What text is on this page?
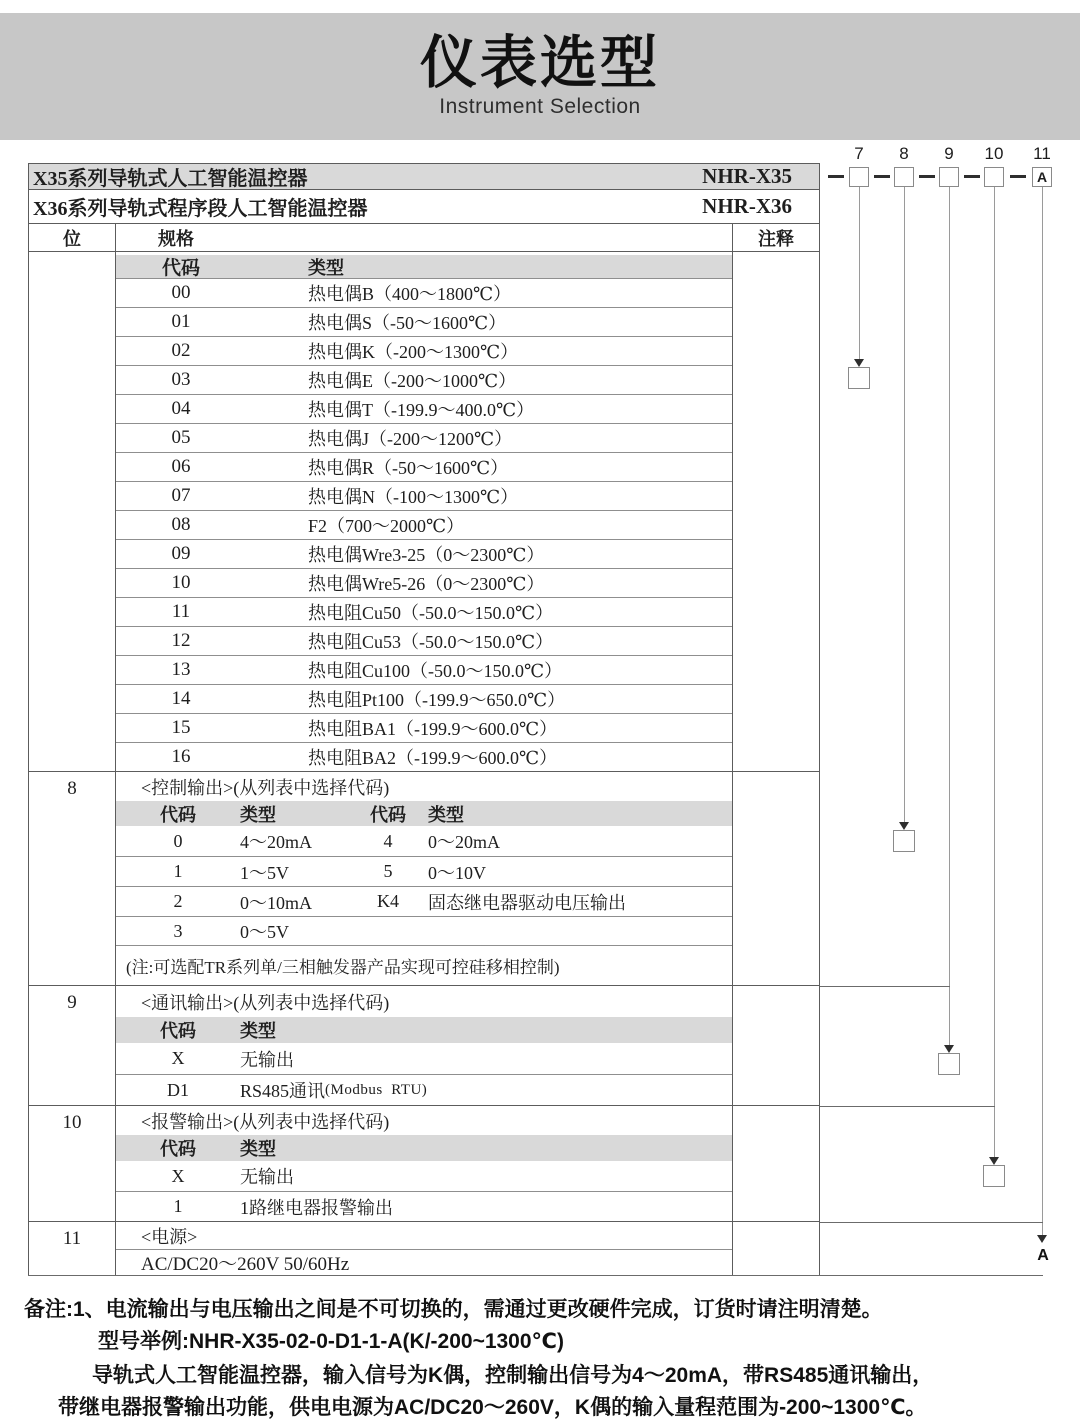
仪表选型
Instrument Selection
X35系列导轨式人工智能温控器	NHR-X35
X36系列导轨式程序段人工智能温控器	NHR-X36
位	规格	注释
代码	类型
00	热电偶B（400～1800℃）
01	热电偶S（-50～1600℃）
02	热电偶K（-200～1300℃）
03	热电偶E（-200～1000℃）
04	热电偶T（-199.9～400.0℃）
05	热电偶J（-200～1200℃）
06	热电偶R（-50～1600℃）
07	热电偶N（-100～1300℃）
08	F2（700～2000℃）
09	热电偶Wre3-25（0～2300℃）
10	热电偶Wre5-26（0～2300℃）
11	热电阻Cu50（-50.0～150.0℃）
12	热电阻Cu53（-50.0～150.0℃）
13	热电阻Cu100（-50.0～150.0℃）
14	热电阻Pt100（-199.9～650.0℃）
15	热电阻BA1（-199.9～600.0℃）
16	热电阻BA2（-199.9～600.0℃）
8	<控制输出>(从列表中选择代码)
代码	类型	代码	类型
0	4～20mA	4	0～20mA
1	1～5V	5	0～10V
2	0～10mA	K4	固态继电器驱动电压输出
3	0～5V
(注:可选配TR系列单/三相触发器产品实现可控硅移相控制)
9	<通讯输出>(从列表中选择代码)
代码	类型
X	无输出
D1	RS485通讯 (Modbus  RTU)
10	<报警输出>(从列表中选择代码)
代码	类型
X	无输出
1	1路继电器报警输出
11	<电源>
AC/DC20～260V 50/60Hz
7 8 9 10 11
A
A
备注:1、电流输出与电压输出之间是不可切换的，需通过更改硬件完成，订货时请注明清楚。
型号举例:NHR-X35-02-0-D1-1-A(K/-200~1300℃)
导轨式人工智能温控器，输入信号为K偶，控制输出信号为4～20mA，带RS485通讯输出，
带继电器报警输出功能，供电电源为AC/DC20～260V，K偶的输入量程范围为-200~1300℃。
